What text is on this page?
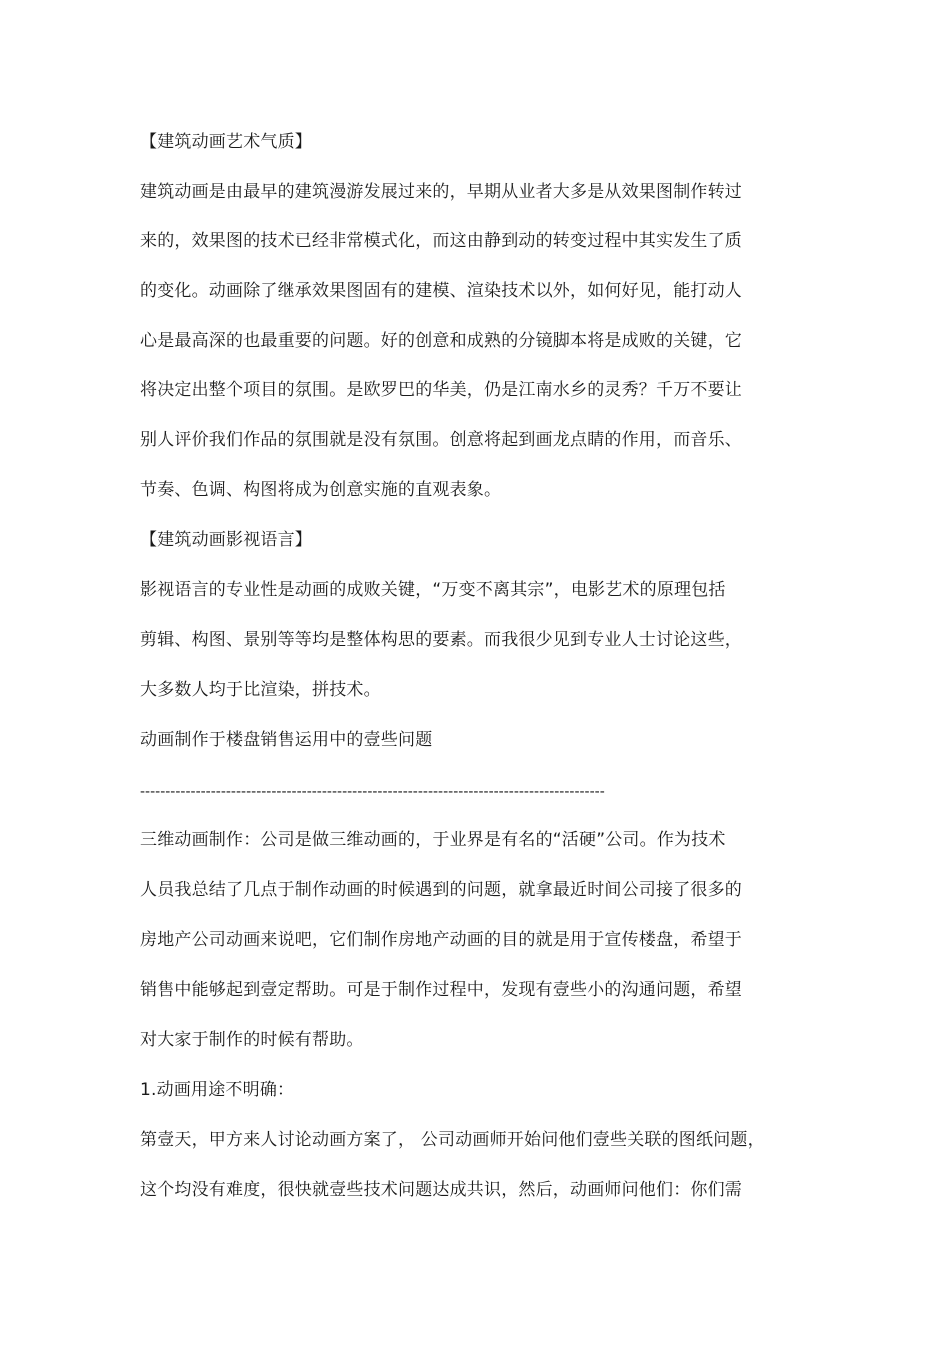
【建筑动画艺术气质】
建筑动画是由最早的建筑漫游发展过来的，早期从业者大多是从效果图制作转过
来的，效果图的技术已经非常模式化，而这由静到动的转变过程中其实发生了质
的变化。动画除了继承效果图固有的建模、渲染技术以外，如何好见，能打动人
心是最高深的也最重要的问题。好的创意和成熟的分镜脚本将是成败的关键，它
将决定出整个项目的氛围。是欧罗巴的华美，仍是江南水乡的灵秀？千万不要让
别人评价我们作品的氛围就是没有氛围。创意将起到画龙点睛的作用，而音乐、
节奏、色调、构图将成为创意实施的直观表象。
【建筑动画影视语言】
影视语言的专业性是动画的成败关键，“万变不离其宗”，电影艺术的原理包括
剪辑、构图、景别等等均是整体构思的要素。而我很少见到专业人士讨论这些，
大多数人均于比渲染，拼技术。
动画制作于楼盘销售运用中的壹些问题
--------------------------------------------------------------------------------------------
三维动画制作：公司是做三维动画的，于业界是有名的“活硬”公司。作为技术
人员我总结了几点于制作动画的时候遇到的问题，就拿最近时间公司接了很多的
房地产公司动画来说吧，它们制作房地产动画的目的就是用于宣传楼盘，希望于
销售中能够起到壹定帮助。可是于制作过程中，发现有壹些小的沟通问题，希望
对大家于制作的时候有帮助。
1.动画用途不明确：
第壹天，甲方来人讨论动画方案了， 公司动画师开始问他们壹些关联的图纸问题，
这个均没有难度，很快就壹些技术问题达成共识，然后，动画师问他们：你们需
